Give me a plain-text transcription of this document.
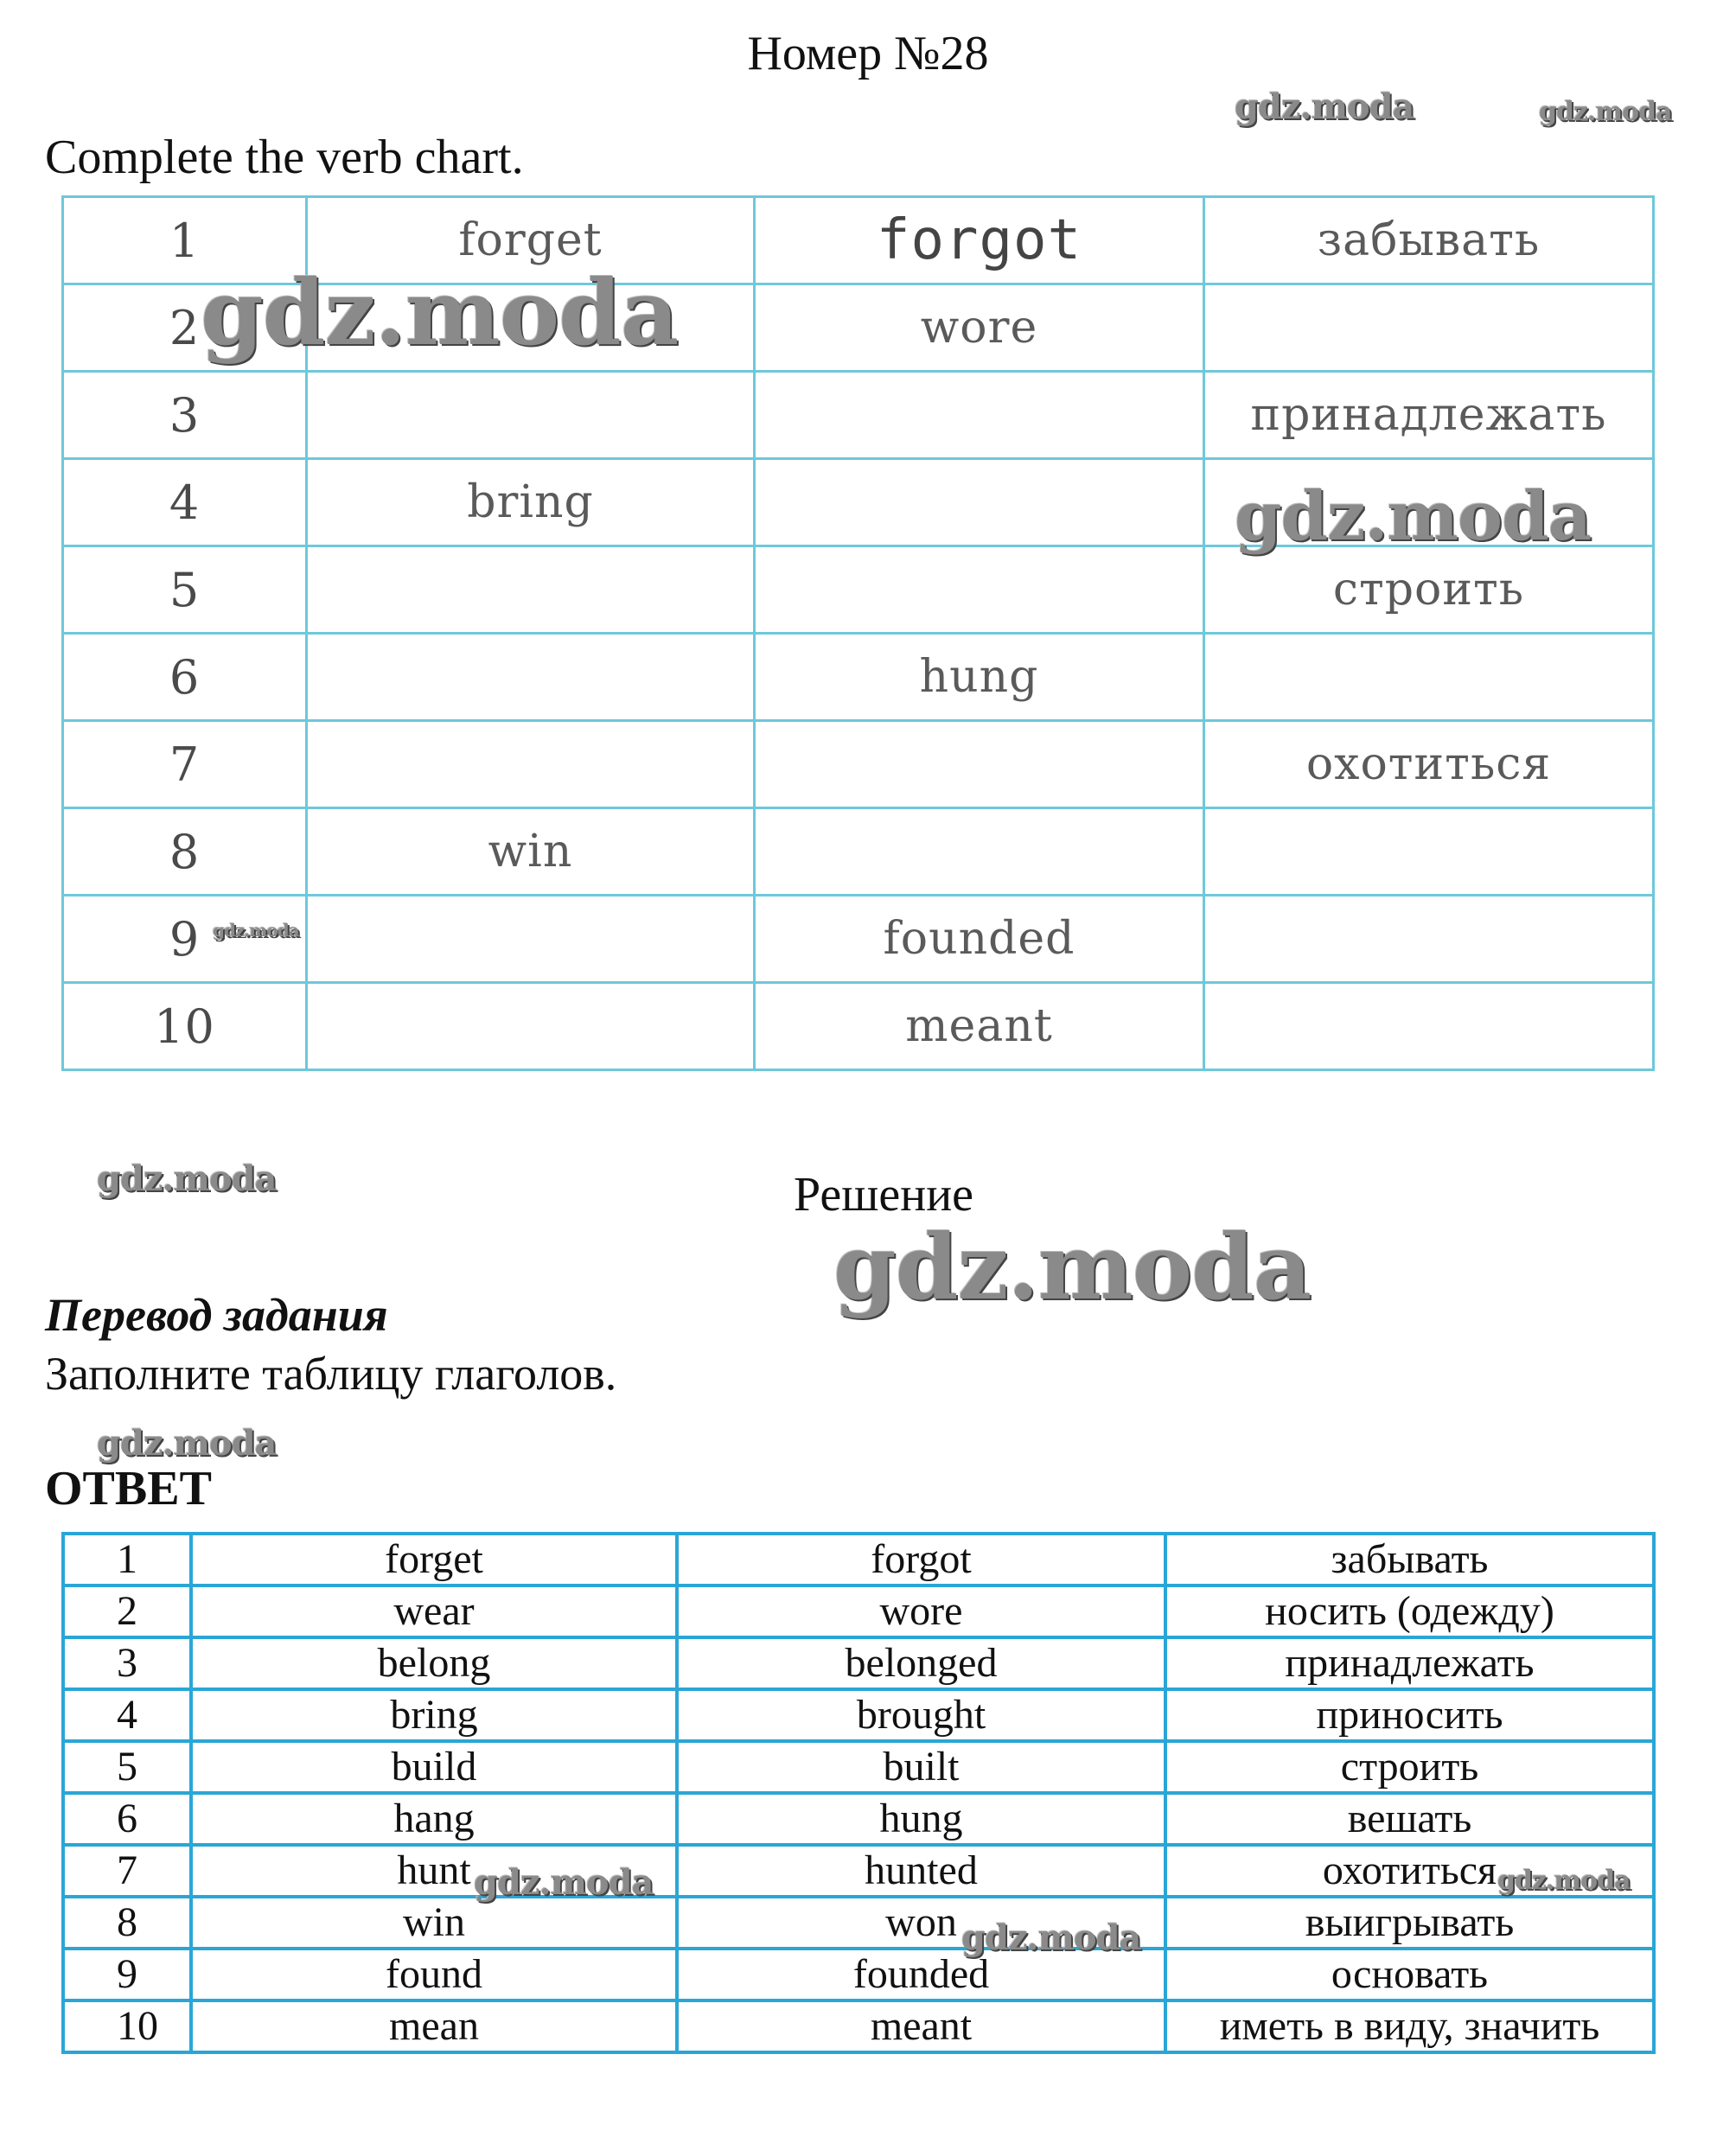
Номер №28
Complete the verb chart.
1	forget	forgot	забывать
2		wore	
3			принадлежать
4	bring		
5			строить
6		hung	
7			охотиться
8	win		
9		founded	
10		meant	
Решение
Перевод задания
Заполните таблицу глаголов.
ОТВЕТ
1	forget	forgot	забывать
2	wear	wore	носить (одежду)
3	belong	belonged	принадлежать
4	bring	brought	приносить
5	build	built	строить
6	hang	hung	вешать
7	hunt	hunted	охотиться
8	win	won	выигрывать
9	found	founded	основать
10	mean	meant	иметь в виду, значить
gdz.moda	gdz.moda
gdz.moda
gdz.moda
gdz.moda
gdz.moda
gdz.moda
gdz.moda
gdz.moda	gdz.moda
gdz.moda
